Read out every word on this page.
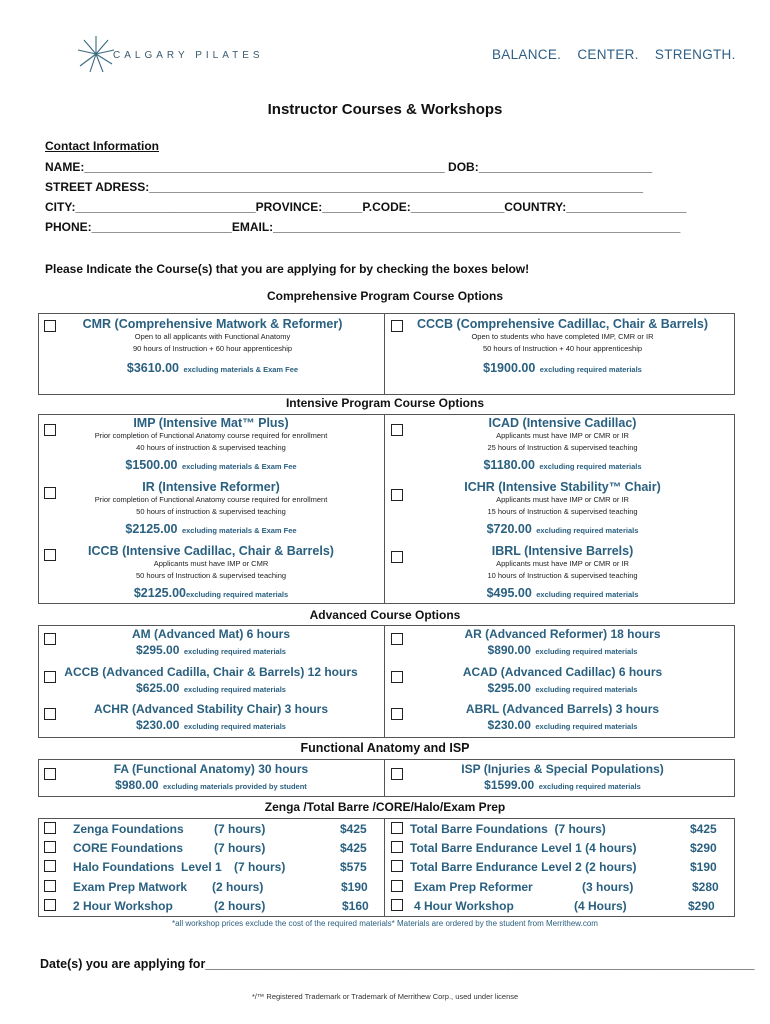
CALGARY PILATES	BALANCE.    CENTER.    STRENGTH.
Instructor Courses & Workshops
Contact Information
NAME:______________________________________________________ DOB:__________________________
STREET ADRESS:__________________________________________________________________________
CITY:___________________________PROVINCE:______P.CODE:______________COUNTRY:__________________
PHONE:_____________________EMAIL:_____________________________________________________________
Please Indicate the Course(s) that you are applying for by checking the boxes below!
Comprehensive Program Course Options
CMR (Comprehensive Matwork & Reformer)
Open to all applicants with Functional Anatomy
90 hours of Instruction + 60 hour apprenticeship
$3610.00 excluding materials & Exam Fee
CCCB (Comprehensive Cadillac, Chair & Barrels)
Open to students who have completed IMP, CMR or IR
50 hours of Instruction + 40 hour apprenticeship
$1900.00 excluding required materials
Intensive Program Course Options
IMP (Intensive Mat™ Plus)
Prior completion of Functional Anatomy course required for enrollment
40 hours of instruction & supervised teaching
$1500.00 excluding materials & Exam Fee
ICAD (Intensive Cadillac)
Applicants must have IMP or CMR or IR
25 hours of Instruction & supervised teaching
$1180.00 excluding required materials
IR (Intensive Reformer)
Prior completion of Functional Anatomy course required for enrollment
50 hours of instruction & supervised teaching
$2125.00 excluding materials & Exam Fee
ICHR (Intensive Stability™ Chair)
Applicants must have IMP or CMR or IR
15 hours of Instruction & supervised teaching
$720.00 excluding required materials
ICCB (Intensive Cadillac, Chair & Barrels)
Applicants must have IMP or CMR
50 hours of Instruction & supervised teaching
$2125.00excluding required materials
IBRL (Intensive Barrels)
Applicants must have IMP or CMR or IR
10 hours of Instruction & supervised teaching
$495.00 excluding required materials
Advanced Course Options
AM (Advanced Mat) 6 hours
$295.00 excluding required materials
AR (Advanced Reformer) 18 hours
$890.00 excluding required materials
ACCB (Advanced Cadilla, Chair & Barrels) 12 hours
$625.00 excluding required materials
ACAD (Advanced Cadillac) 6 hours
$295.00 excluding required materials
ACHR (Advanced Stability Chair) 3 hours
$230.00 excluding required materials
ABRL (Advanced Barrels) 3 hours
$230.00 excluding required materials
Functional Anatomy and ISP
FA (Functional Anatomy) 30 hours
$980.00 excluding materials provided by student
ISP (Injuries & Special Populations)
$1599.00 excluding required materials
Zenga /Total Barre /CORE/Halo/Exam Prep
Zenga Foundations	(7 hours)	$425
CORE Foundations	(7 hours)	$425
Halo Foundations  Level 1 (7 hours)	$575
Exam Prep Matwork (2 hours)	$190
2 Hour Workshop	(2 hours)	$160
Total Barre Foundations  (7 hours)	$425
Total Barre Endurance Level 1 (4 hours)	$290
Total Barre Endurance Level 2 (2 hours)	$190
Exam Prep Reformer	(3 hours)	$280
4 Hour Workshop	(4 Hours)	$290
*all workshop prices exclude the cost of the required materials* Materials are ordered by the student from Merrithew.com
Date(s) you are applying for_______________________________________________________________________________
*/™ Registered Trademark or Trademark of Merrithew Corp., used under license
